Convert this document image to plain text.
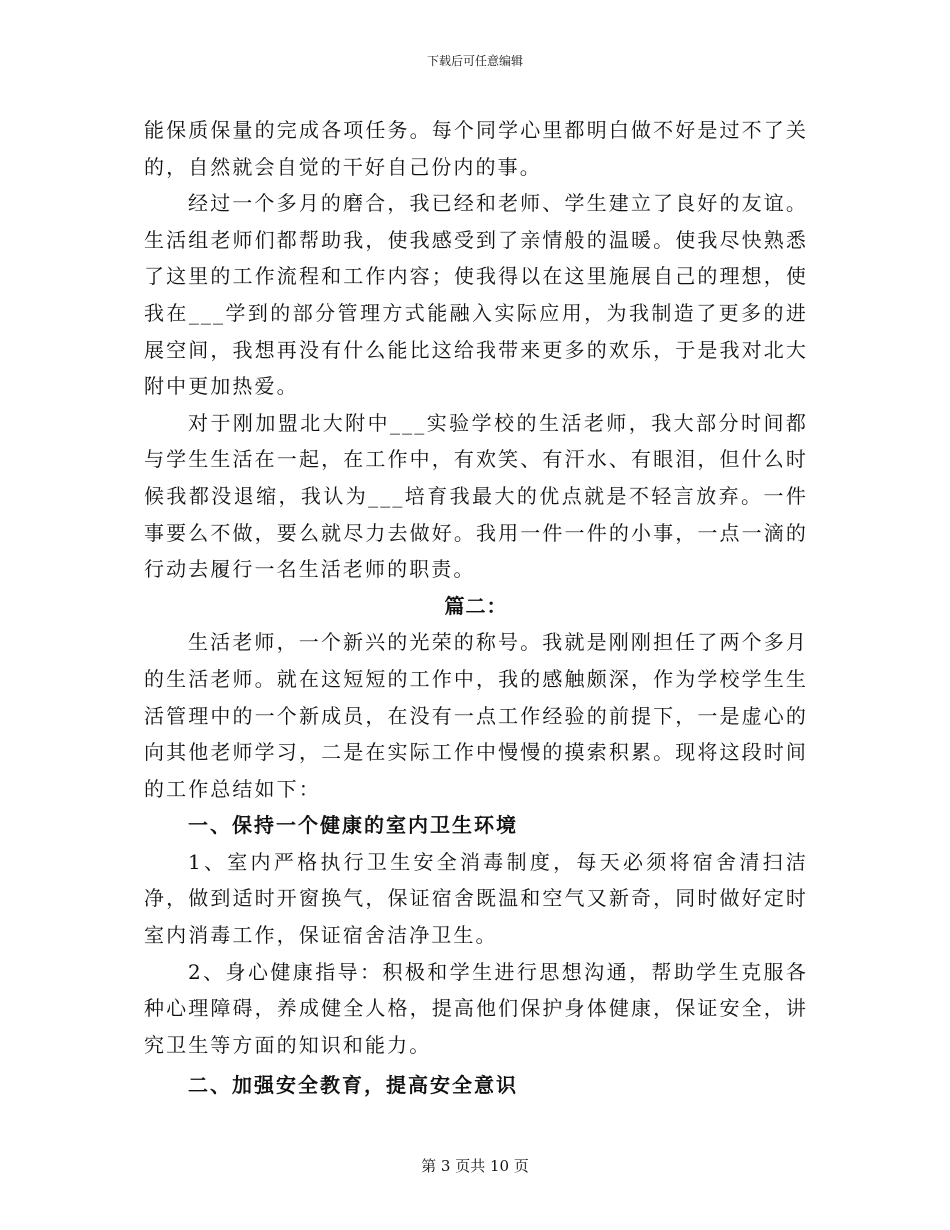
下载后可任意编辑

能保质保量的完成各项任务。每个同学心里都明白做不好是过不了关的，自然就会自觉的干好自己份内的事。

经过一个多月的磨合，我已经和老师、学生建立了良好的友谊。生活组老师们都帮助我，使我感受到了亲情般的温暖。使我尽快熟悉了这里的工作流程和工作内容；使我得以在这里施展自己的理想，使我在___学到的部分管理方式能融入实际应用，为我制造了更多的进展空间，我想再没有什么能比这给我带来更多的欢乐，于是我对北大附中更加热爱。

对于刚加盟北大附中___实验学校的生活老师，我大部分时间都与学生生活在一起，在工作中，有欢笑、有汗水、有眼泪，但什么时候我都没退缩，我认为___培育我最大的优点就是不轻言放弃。一件事要么不做，要么就尽力去做好。我用一件一件的小事，一点一滴的行动去履行一名生活老师的职责。

篇二：

生活老师，一个新兴的光荣的称号。我就是刚刚担任了两个多月的生活老师。就在这短短的工作中，我的感触颇深，作为学校学生生活管理中的一个新成员，在没有一点工作经验的前提下，一是虚心的向其他老师学习，二是在实际工作中慢慢的摸索积累。现将这段时间的工作总结如下：

一、保持一个健康的室内卫生环境

1、室内严格执行卫生安全消毒制度，每天必须将宿舍清扫洁净，做到适时开窗换气，保证宿舍既温和空气又新奇，同时做好定时室内消毒工作，保证宿舍洁净卫生。

2、身心健康指导：积极和学生进行思想沟通，帮助学生克服各种心理障碍，养成健全人格，提高他们保护身体健康，保证安全，讲究卫生等方面的知识和能力。

二、加强安全教育，提高安全意识

第 3 页共 10 页
